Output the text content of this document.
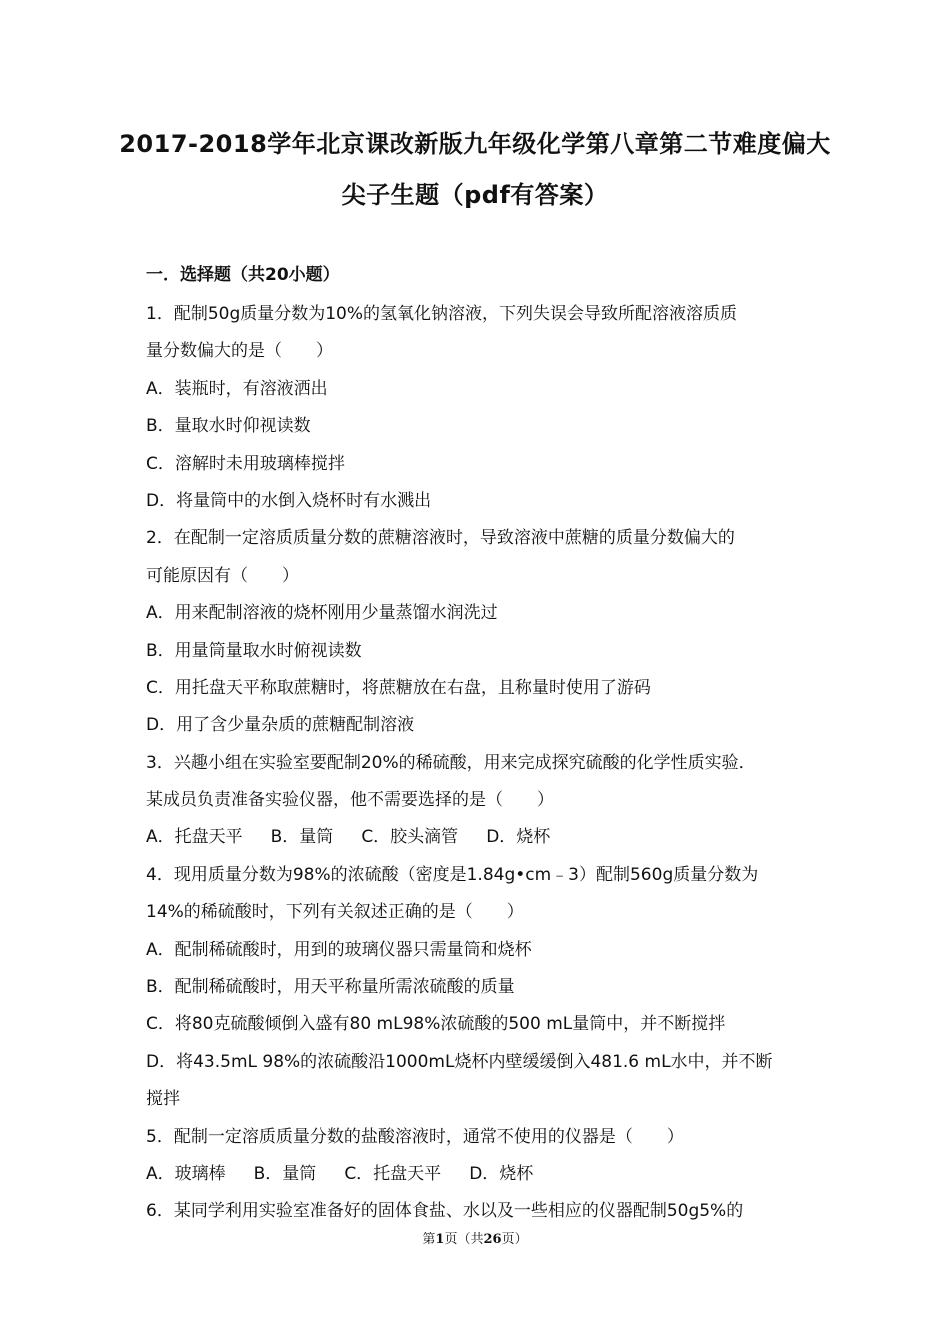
2017-2018学年北京课改新版九年级化学第八章第二节难度偏大
尖子生题（pdf有答案）
一．选择题（共20小题）
1．配制50g质量分数为10%的氢氧化钠溶液，下列失误会导致所配溶液溶质质
量分数偏大的是（　　）
A．装瓶时，有溶液洒出
B．量取水时仰视读数
C．溶解时未用玻璃棒搅拌
D．将量筒中的水倒入烧杯时有水溅出
2．在配制一定溶质质量分数的蔗糖溶液时，导致溶液中蔗糖的质量分数偏大的
可能原因有（　　）
A．用来配制溶液的烧杯刚用少量蒸馏水润洗过
B．用量筒量取水时俯视读数
C．用托盘天平称取蔗糖时，将蔗糖放在右盘，且称量时使用了游码
D．用了含少量杂质的蔗糖配制溶液
3．兴趣小组在实验室要配制20%的稀硫酸，用来完成探究硫酸的化学性质实验．
某成员负责准备实验仪器，他不需要选择的是（　　）
A．托盘天平 B．量筒 C．胶头滴管 D．烧杯
4．现用质量分数为98%的浓硫酸（密度是1.84g•cm﹣3）配制560g质量分数为
14%的稀硫酸时，下列有关叙述正确的是（　　）
A．配制稀硫酸时，用到的玻璃仪器只需量筒和烧杯
B．配制稀硫酸时，用天平称量所需浓硫酸的质量
C．将80克硫酸倾倒入盛有80 mL98%浓硫酸的500 mL量筒中，并不断搅拌
D．将43.5mL 98%的浓硫酸沿1000mL烧杯内壁缓缓倒入481.6 mL水中，并不断
搅拌
5．配制一定溶质质量分数的盐酸溶液时，通常不使用的仪器是（　　）
A．玻璃棒 B．量筒 C．托盘天平 D．烧杯
6．某同学利用实验室准备好的固体食盐、水以及一些相应的仪器配制50g5%的
第1页（共26页）
